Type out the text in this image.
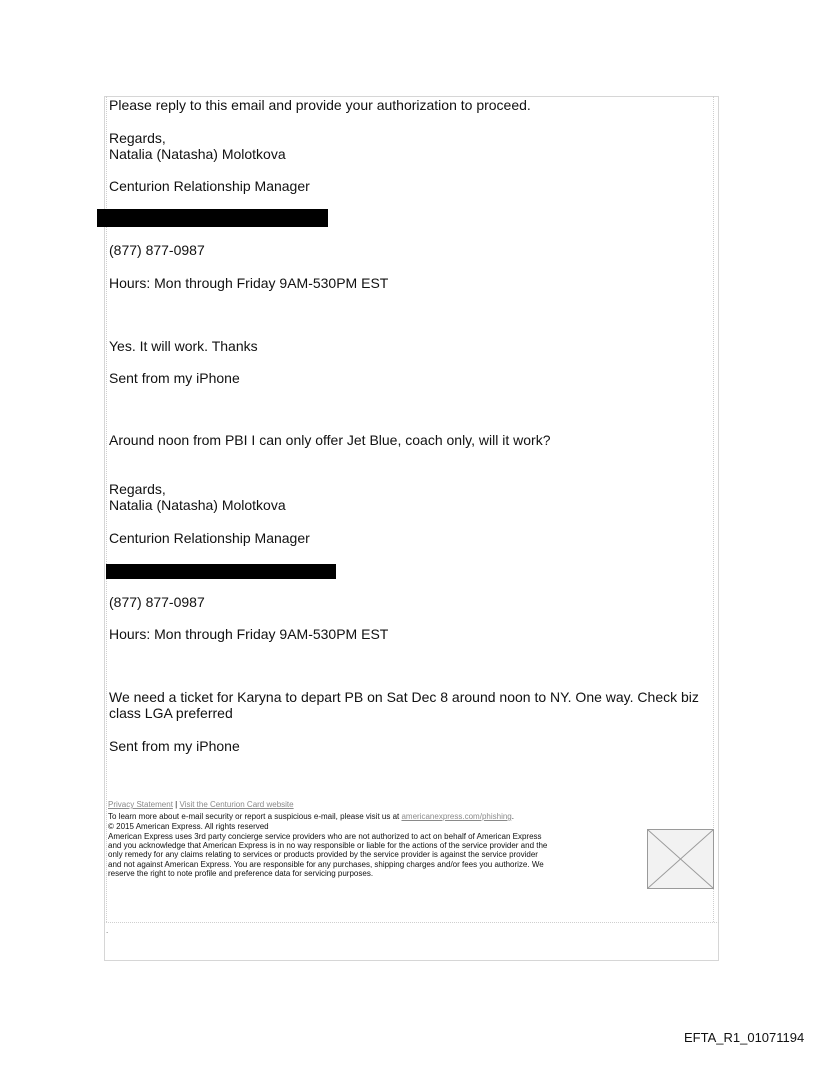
Please reply to this email and provide your authorization to proceed.
Regards,
Natalia (Natasha) Molotkova
Centurion Relationship Manager
(877) 877-0987
Hours: Mon through Friday 9AM-530PM EST
Yes. It will work. Thanks
Sent from my iPhone
Around noon from PBI I can only offer Jet Blue, coach only, will it work?
Regards,
Natalia (Natasha) Molotkova
Centurion Relationship Manager
(877) 877-0987
Hours: Mon through Friday 9AM-530PM EST
We need a ticket for Karyna to depart PB on Sat Dec 8 around noon to NY. One way. Check biz
class LGA preferred
Sent from my iPhone
Privacy Statement | Visit the Centurion Card website
To learn more about e-mail security or report a suspicious e-mail, please visit us at americanexpress.com/phishing.
© 2015 American Express. All rights reserved
American Express uses 3rd party concierge service providers who are not authorized to act on behalf of American Express
and you acknowledge that American Express is in no way responsible or liable for the actions of the service provider and the
only remedy for any claims relating to services or products provided by the service provider is against the service provider
and not against American Express. You are responsible for any purchases, shipping charges and/or fees you authorize. We
reserve the right to note profile and preference data for servicing purposes.
.
EFTA_R1_01071194
